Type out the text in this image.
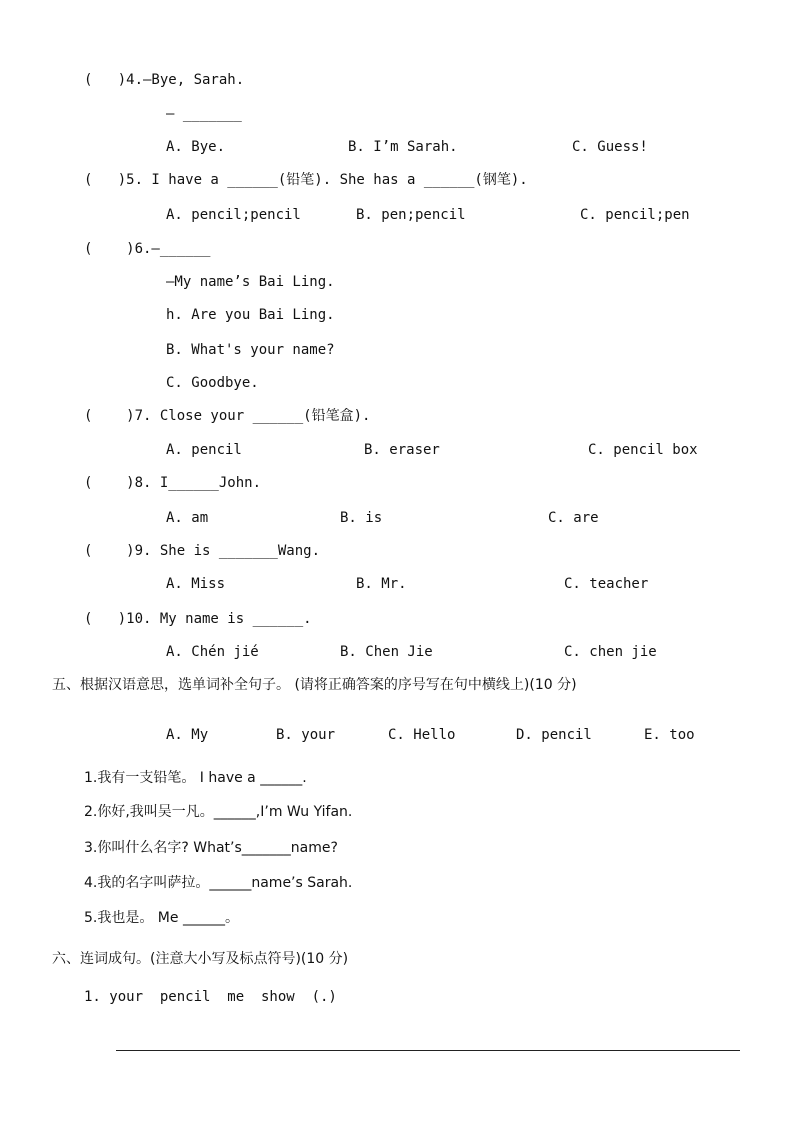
(   )4.—Bye, Sarah.
— _______
A. Bye.	B. I’m Sarah.	C. Guess!
(   )5. I have a ______(铅笔). She has a ______(钢笔).
A. pencil;pencil	B. pen;pencil	C. pencil;pen
(    )6.—______
—My name’s Bai Ling.
h. Are you Bai Ling.
B. What's your name?
C. Goodbye.
(    )7. Close your ______(铅笔盒).
A. pencil	B. eraser	C. pencil box
(    )8. I______John.
A. am	B. is	C. are
(    )9. She is _______Wang.
A. Miss	B. Mr.	C. teacher
(   )10. My name is ______.
A. Chén jié	B. Chen Jie	C. chen jie
五、根据汉语意思，选单词补全句子。 (请将正确答案的序号写在句中横线上)(10 分)
A. My	B. your	C. Hello	D. pencil	E. too
1.我有一支铅笔。 I have a ______.
2.你好,我叫吴一凡。______,I’m Wu Yifan.
3.你叫什么名字? What’s_______name?
4.我的名字叫萨拉。______name’s Sarah.
5.我也是。 Me ______。
六、连词成句。(注意大小写及标点符号)(10 分)
1. your  pencil  me  show  (.)
